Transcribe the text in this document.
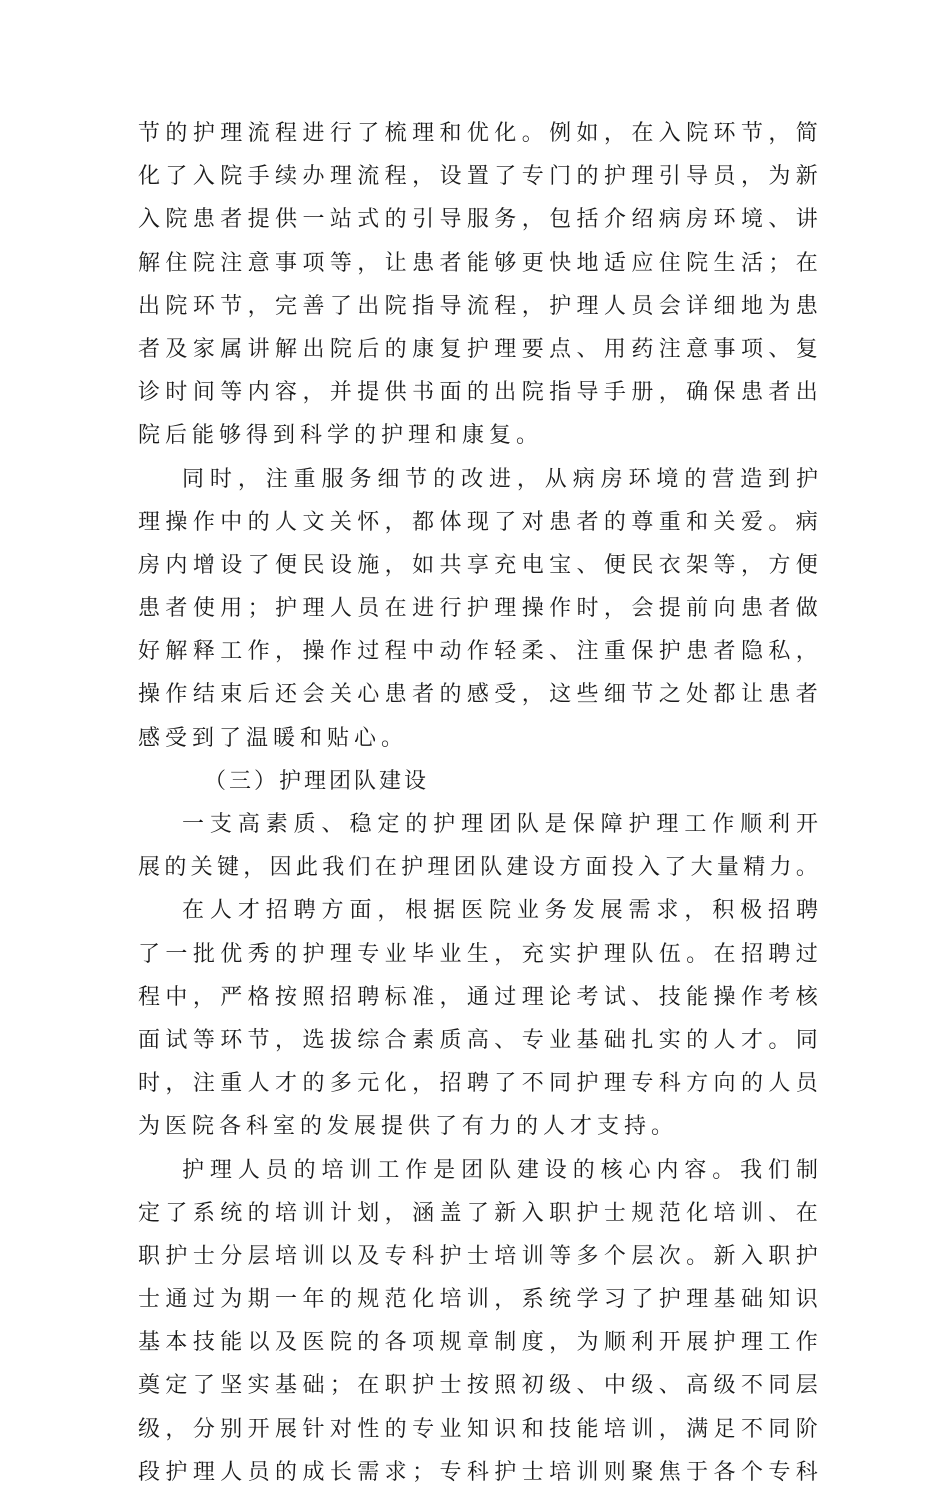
节 的 护 理 流 程 进 行 了 梳 理 和 优 化 。 例 如 ， 在 入 院 环 节 ， 简
化 了 入 院 手 续 办 理 流 程 ， 设 置 了 专 门 的 护 理 引 导 员 ， 为 新
入 院 患 者 提 供 一 站 式 的 引 导 服 务 ， 包 括 介 绍 病 房 环 境 、 讲
解 住 院 注 意 事 项 等 ， 让 患 者 能 够 更 快 地 适 应 住 院 生 活 ； 在
出 院 环 节 ， 完 善 了 出 院 指 导 流 程 ， 护 理 人 员 会 详 细 地 为 患
者 及 家 属 讲 解 出 院 后 的 康 复 护 理 要 点 、 用 药 注 意 事 项 、 复
诊 时 间 等 内 容 ， 并 提 供 书 面 的 出 院 指 导 手 册 ， 确 保 患 者 出
院后能够得到科学的护理和康复。
同 时 ， 注 重 服 务 细 节 的 改 进 ， 从 病 房 环 境 的 营 造 到 护
理 操 作 中 的 人 文 关 怀 ， 都 体 现 了 对 患 者 的 尊 重 和 关 爱 。 病
房 内 增 设 了 便 民 设 施 ， 如 共 享 充 电 宝 、 便 民 衣 架 等 ， 方 便
患 者 使 用 ； 护 理 人 员 在 进 行 护 理 操 作 时 ， 会 提 前 向 患 者 做
好 解 释 工 作 ， 操 作 过 程 中 动 作 轻 柔 、 注 重 保 护 患 者 隐 私 ，
操 作 结 束 后 还 会 关 心 患 者 的 感 受 ， 这 些 细 节 之 处 都 让 患 者
感受到了温暖和贴心。
（三）护理团队建设
一 支 高 素 质 、 稳 定 的 护 理 团 队 是 保 障 护 理 工 作 顺 利 开
展 的 关 键 ， 因 此 我 们 在 护 理 团 队 建 设 方 面 投 入 了 大 量 精 力 。
在 人 才 招 聘 方 面 ， 根 据 医 院 业 务 发 展 需 求 ， 积 极 招 聘
了 一 批 优 秀 的 护 理 专 业 毕 业 生 ， 充 实 护 理 队 伍 。 在 招 聘 过
程 中 ， 严 格 按 照 招 聘 标 准 ， 通 过 理 论 考 试 、 技 能 操 作 考 核
面 试 等 环 节 ， 选 拔 综 合 素 质 高 、 专 业 基 础 扎 实 的 人 才 。 同
时 ， 注 重 人 才 的 多 元 化 ， 招 聘 了 不 同 护 理 专 科 方 向 的 人 员
为医院各科室的发展提供了有力的人才支持。
护 理 人 员 的 培 训 工 作 是 团 队 建 设 的 核 心 内 容 。 我 们 制
定 了 系 统 的 培 训 计 划 ， 涵 盖 了 新 入 职 护 士 规 范 化 培 训 、 在
职 护 士 分 层 培 训 以 及 专 科 护 士 培 训 等 多 个 层 次 。 新 入 职 护
士 通 过 为 期 一 年 的 规 范 化 培 训 ， 系 统 学 习 了 护 理 基 础 知 识
基 本 技 能 以 及 医 院 的 各 项 规 章 制 度 ， 为 顺 利 开 展 护 理 工 作
奠 定 了 坚 实 基 础 ； 在 职 护 士 按 照 初 级 、 中 级 、 高 级 不 同 层
级 ， 分 别 开 展 针 对 性 的 专 业 知 识 和 技 能 培 训 ， 满 足 不 同 阶
段 护 理 人 员 的 成 长 需 求 ； 专 科 护 士 培 训 则 聚 焦 于 各 个 专 科
